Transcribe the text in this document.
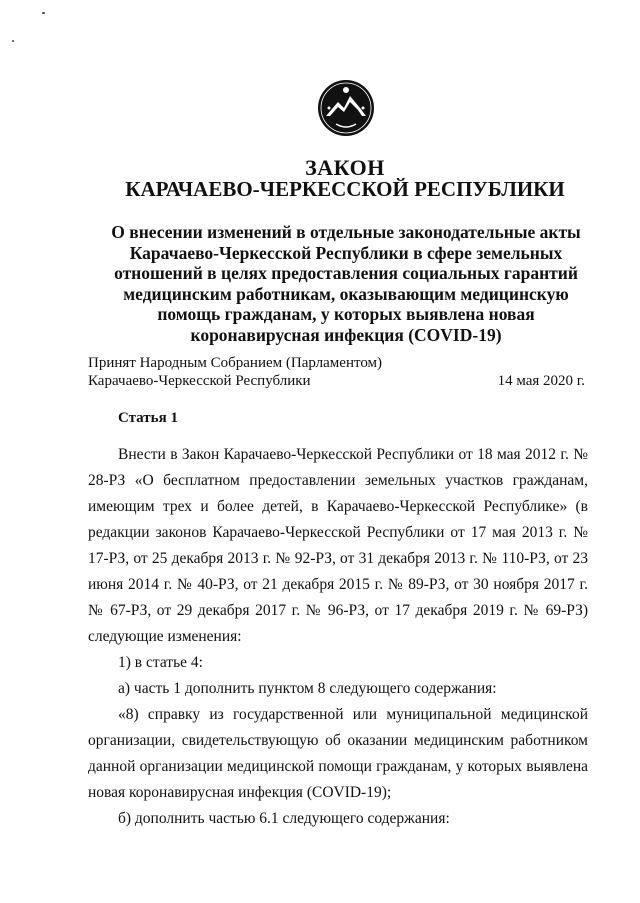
ЗАКОН
КАРАЧАЕВО-ЧЕРКЕССКОЙ РЕСПУБЛИКИ

О внесении изменений в отдельные законодательные акты Карачаево-Черкесской Республики в сфере земельных отношений в целях предоставления социальных гарантий медицинским работникам, оказывающим медицинскую помощь гражданам, у которых выявлена новая коронавирусная инфекция (COVID-19)

Принят Народным Собранием (Парламентом)

Карачаево-Черкесской Республики	14 мая 2020 г.

Статья 1

Внести в Закон Карачаево-Черкесской Республики от 18 мая 2012 г. № 28-РЗ «О бесплатном предоставлении земельных участков гражданам, имеющим трех и более детей, в Карачаево-Черкесской Республике» (в редакции законов Карачаево-Черкесской Республики от 17 мая 2013 г. № 17-РЗ, от 25 декабря 2013 г. № 92-РЗ, от 31 декабря 2013 г. № 110-РЗ, от 23 июня 2014 г. № 40-РЗ, от 21 декабря 2015 г. № 89-РЗ, от 30 ноября 2017 г. № 67-РЗ, от 29 декабря 2017 г. № 96-РЗ, от 17 декабря 2019 г. № 69-РЗ) следующие изменения:

1) в статье 4:

а) часть 1 дополнить пунктом 8 следующего содержания:

«8) справку из государственной или муниципальной медицинской организации, свидетельствующую об оказании медицинским работником данной организации медицинской помощи гражданам, у которых выявлена новая коронавирусная инфекция (COVID-19);

б) дополнить частью 6.1 следующего содержания:
